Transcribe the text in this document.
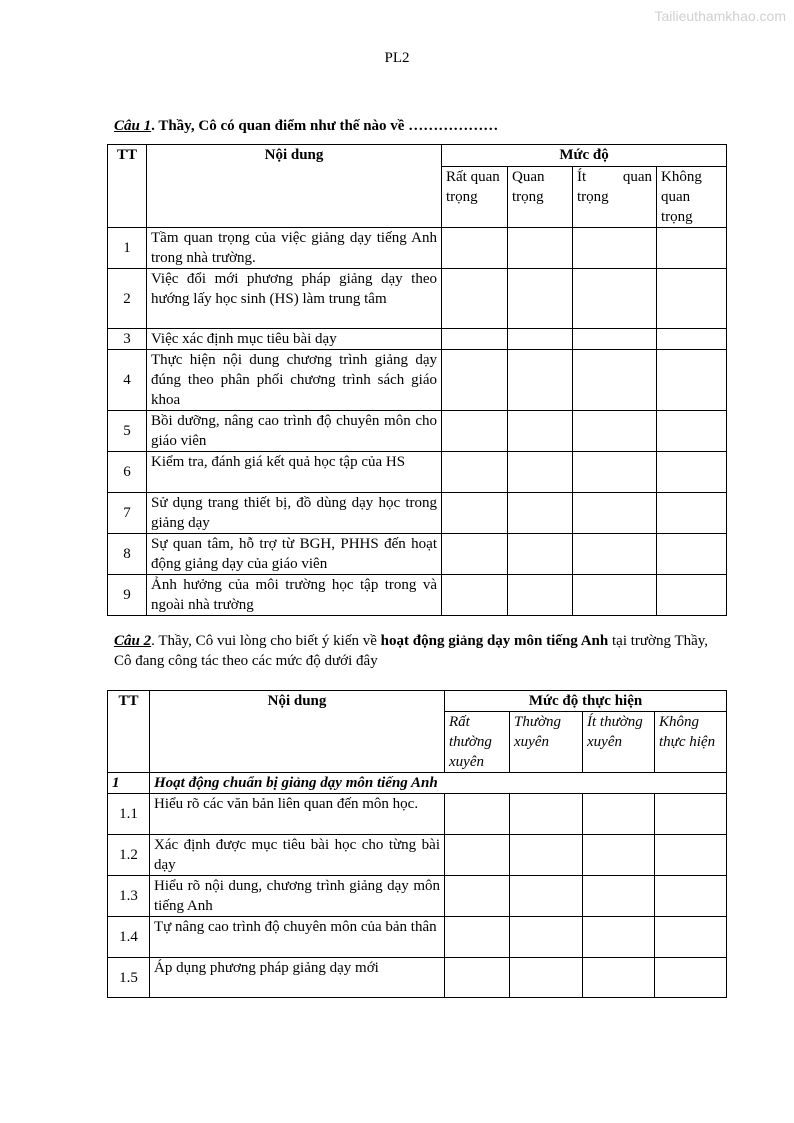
Tailieuthamkhao.com
PL2
Câu 1. Thầy, Cô có quan điểm như thế nào về ………………
TT	Nội dung	Mức độ			
		Rất quan trọng	Quan trọng	Ít quan trọng	Không quan trọng
1	Tầm quan trọng của việc giảng dạy tiếng Anh trong nhà trường.				
2	Việc đổi mới phương pháp giảng dạy theo hướng lấy học sinh (HS) làm trung tâm				
3	Việc xác định mục tiêu bài dạy				
4	Thực hiện nội dung chương trình giảng dạy đúng theo phân phối chương trình sách giáo khoa				
5	Bồi dưỡng, nâng cao trình độ chuyên môn cho giáo viên				
6	Kiểm tra, đánh giá kết quả học tập của HS				
7	Sử dụng trang thiết bị, đồ dùng dạy học trong giảng dạy				
8	Sự quan tâm, hỗ trợ từ BGH, PHHS đến hoạt động giảng dạy của giáo viên				
9	Ảnh hưởng của môi trường học tập trong và ngoài nhà trường				
Câu 2. Thầy, Cô vui lòng cho biết ý kiến về hoạt động giảng dạy môn tiếng Anh tại trường Thầy, Cô đang công tác theo các mức độ dưới đây
TT	Nội dung	Mức độ thực hiện			
		Rất thường xuyên	Thường xuyên	Ít thường xuyên	Không thực hiện
1	Hoạt động chuẩn bị giảng dạy môn tiếng Anh				
1.1	Hiểu rõ các văn bản liên quan đến môn học.				
1.2	Xác định được mục tiêu bài học cho từng bài dạy				
1.3	Hiểu rõ nội dung, chương trình giảng dạy môn tiếng Anh				
1.4	Tự nâng cao trình độ chuyên môn của bản thân				
1.5	Áp dụng phương pháp giảng dạy mới				
